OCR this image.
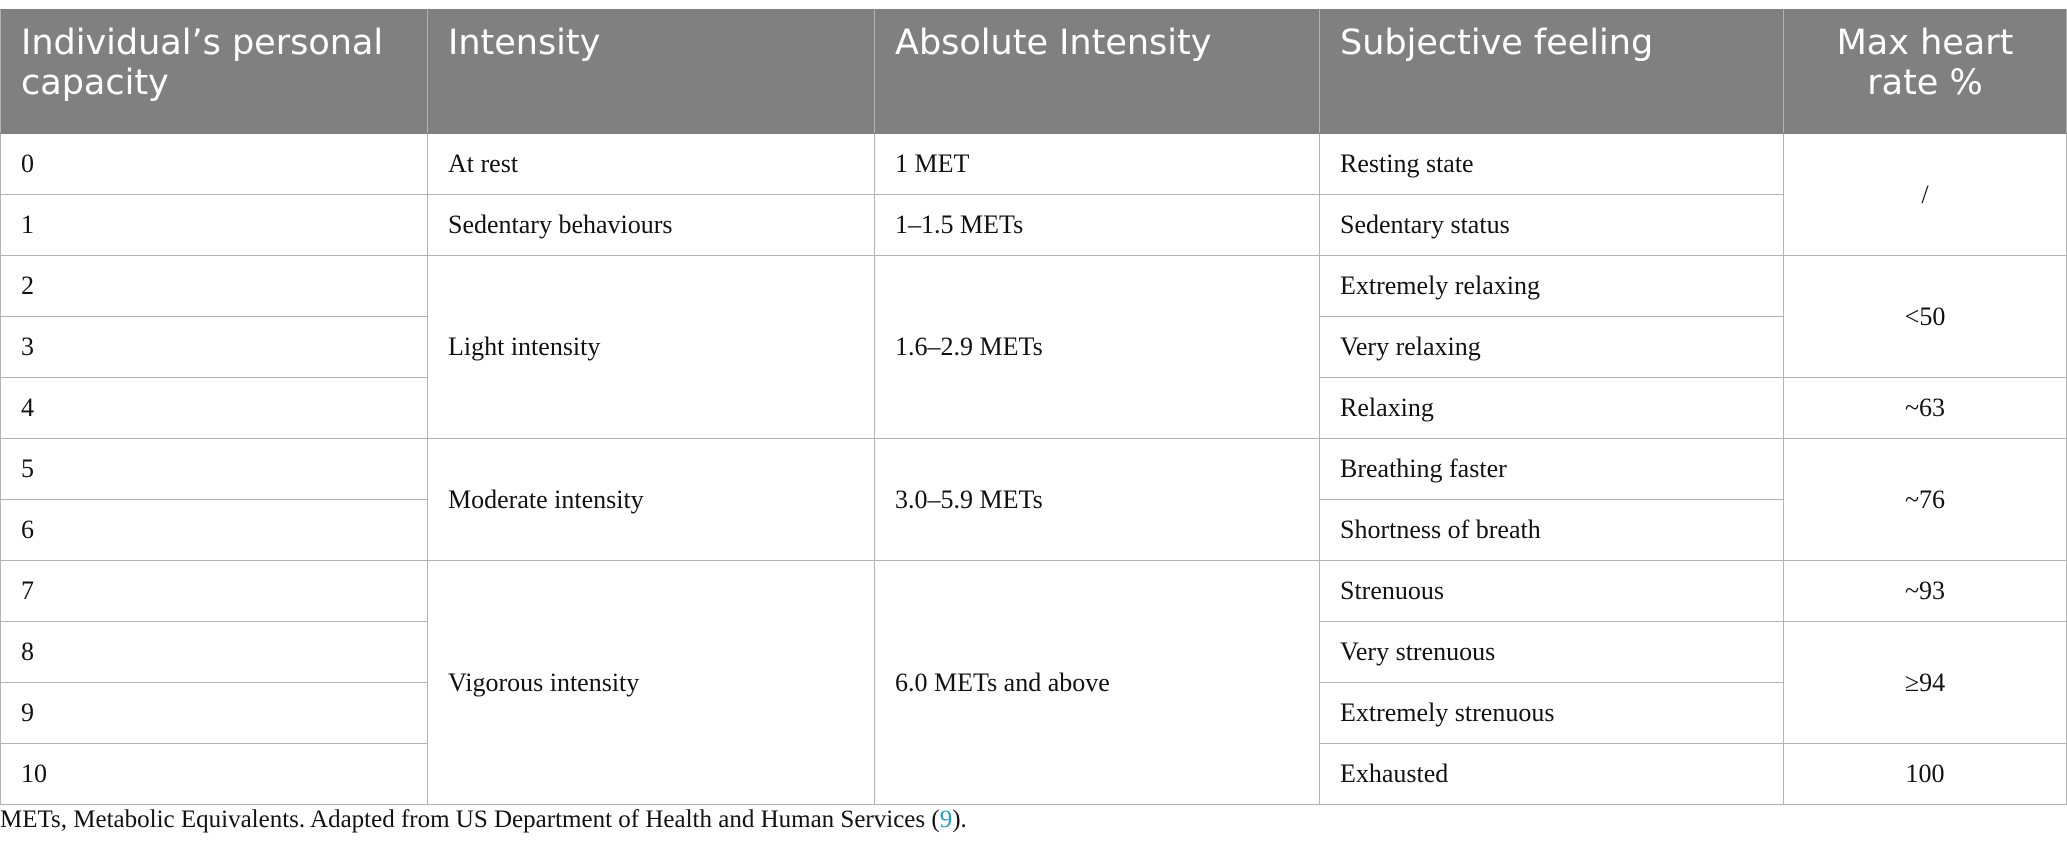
Individual’s personal capacity	Intensity	Absolute Intensity	Subjective feeling	Max heart rate %
0	At rest	1 MET	Resting state	/
1	Sedentary behaviours	1–1.5 METs	Sedentary status	
2	Light intensity	1.6–2.9 METs	Extremely relaxing	<50
3			Very relaxing	
4			Relaxing	~63
5	Moderate intensity	3.0–5.9 METs	Breathing faster	~76
6			Shortness of breath	
7	Vigorous intensity	6.0 METs and above	Strenuous	~93
8			Very strenuous	≥94
9			Extremely strenuous	
10			Exhausted	100
METs, Metabolic Equivalents. Adapted from US Department of Health and Human Services (9).
